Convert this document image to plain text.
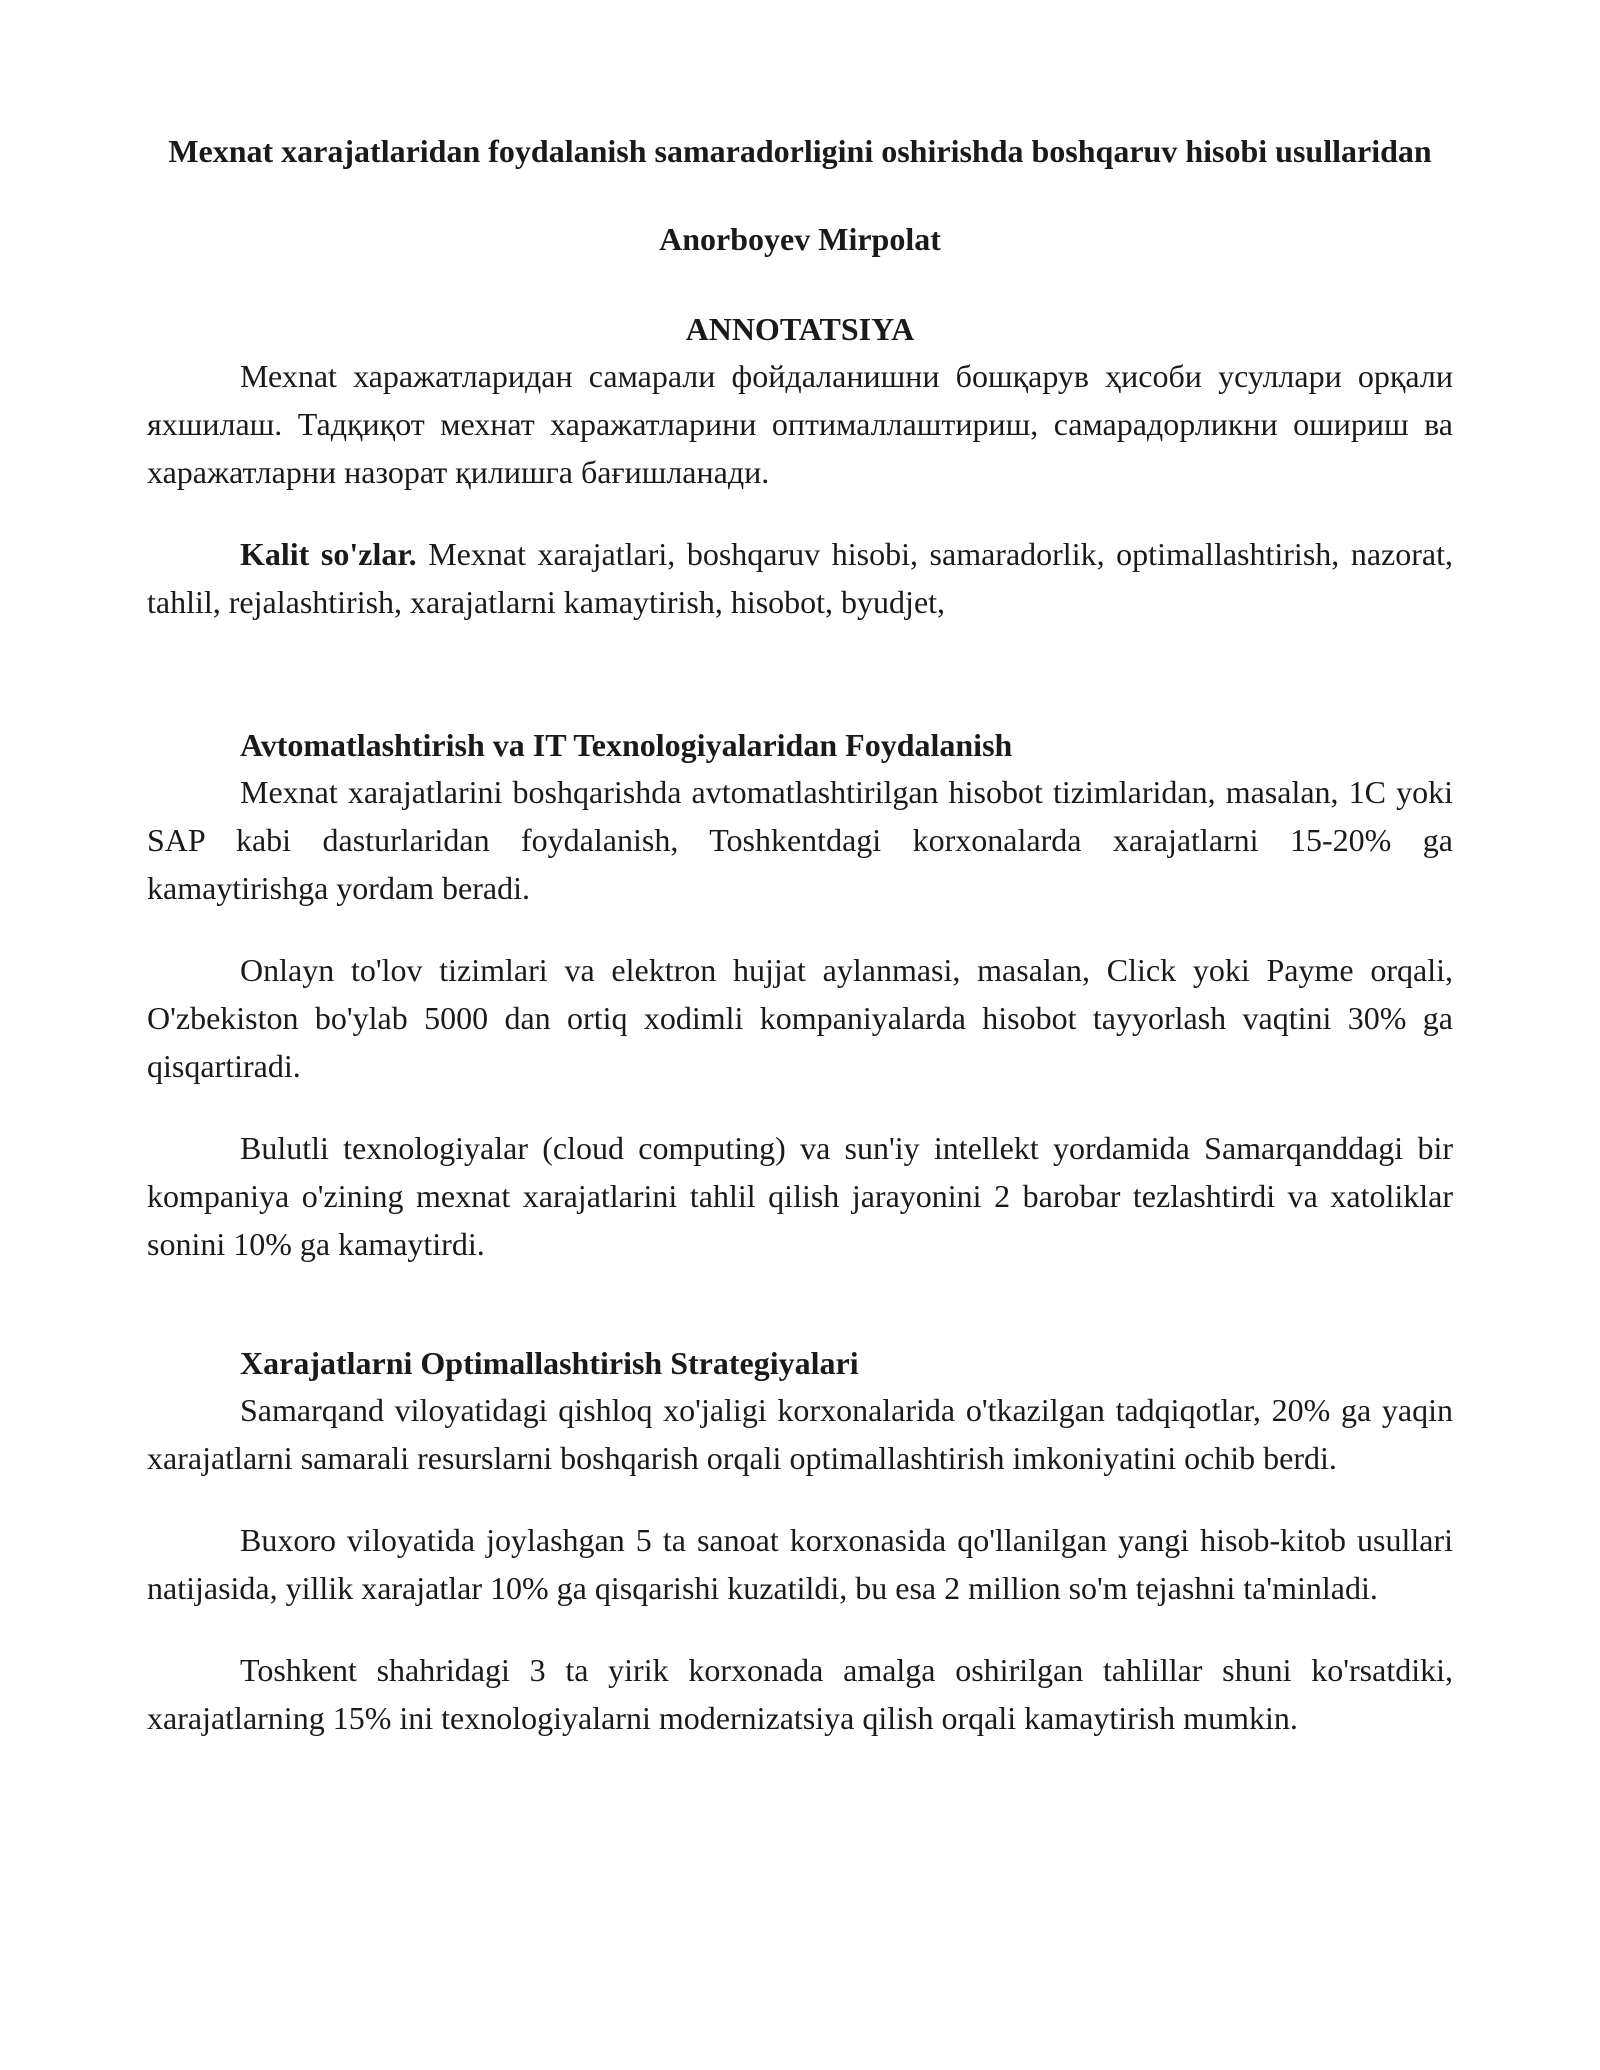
Mexnat xarajatlaridan foydalanish samaradorligini oshirishda boshqaruv hisobi usullaridan
Anorboyev Mirpolat
ANNOTATSIYA

Мехnat харажатларидан самарали фойдаланишни бошқарув ҳисоби усуллари орқали яхшилаш. Тадқиқот мехнат харажатларини оптималлаштириш, самарадорликни ошириш ва харажатларни назорат қилишга бағишланади.

Kalit so'zlar. Mexnat xarajatlari, boshqaruv hisobi, samaradorlik, optimallashtirish, nazorat, tahlil, rejalashtirish, xarajatlarni kamaytirish, hisobot, byudjet,

Avtomatlashtirish va IT Texnologiyalaridan Foydalanish

Mexnat xarajatlarini boshqarishda avtomatlashtirilgan hisobot tizimlaridan, masalan, 1C yoki SAP kabi dasturlaridan foydalanish, Toshkentdagi korxonalarda xarajatlarni 15-20% ga kamaytirishga yordam beradi.

Onlayn to'lov tizimlari va elektron hujjat aylanmasi, masalan, Click yoki Payme orqali, O'zbekiston bo'ylab 5000 dan ortiq xodimli kompaniyalarda hisobot tayyorlash vaqtini 30% ga qisqartiradi.

Bulutli texnologiyalar (cloud computing) va sun'iy intellekt yordamida Samarqanddagi bir kompaniya o'zining mexnat xarajatlarini tahlil qilish jarayonini 2 barobar tezlashtirdi va xatoliklar sonini 10% ga kamaytirdi.

Xarajatlarni Optimallashtirish Strategiyalari

Samarqand viloyatidagi qishloq xo'jaligi korxonalarida o'tkazilgan tadqiqotlar, 20% ga yaqin xarajatlarni samarali resurslarni boshqarish orqali optimallashtirish imkoniyatini ochib berdi.

Buxoro viloyatida joylashgan 5 ta sanoat korxonasida qo'llanilgan yangi hisob-kitob usullari natijasida, yillik xarajatlar 10% ga qisqarishi kuzatildi, bu esa 2 million so'm tejashni ta'minladi.

Toshkent shahridagi 3 ta yirik korxonada amalga oshirilgan tahlillar shuni ko'rsatdiki, xarajatlarning 15% ini texnologiyalarni modernizatsiya qilish orqali kamaytirish mumkin.
